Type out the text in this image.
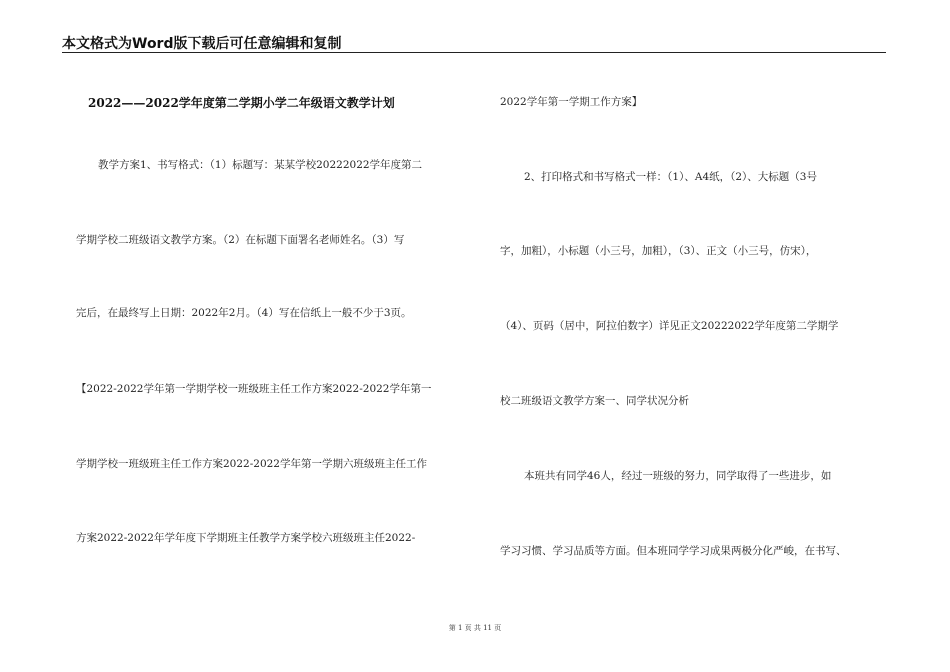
本文格式为Word版下载后可任意编辑和复制
2022——2022学年度第二学期小学二年级语文教学计划
教学方案1、书写格式：（1）标题写：某某学校20222022学年度第二
学期学校二班级语文教学方案。（2）在标题下面署名老师姓名。（3）写
完后，在最终写上日期：2022年2月。（4）写在信纸上一般不少于3页。
【2022-2022学年第一学期学校一班级班主任工作方案2022-2022学年第一
学期学校一班级班主任工作方案2022-2022学年第一学期六班级班主任工作
方案2022-2022年学年度下学期班主任教学方案学校六班级班主任2022-
2022学年第一学期工作方案】
2、打印格式和书写格式一样：（1）、A4纸，（2）、大标题（3号
字，加粗），小标题（小三号，加粗），（3）、正文（小三号，仿宋），
（4）、页码（居中，阿拉伯数字）详见正文20222022学年度第二学期学
校二班级语文教学方案一、同学状况分析
本班共有同学46人，经过一班级的努力，同学取得了一些进步，如
学习习惯、学习品质等方面。但本班同学学习成果两极分化严峻，在书写、
第 1 页 共 11 页
